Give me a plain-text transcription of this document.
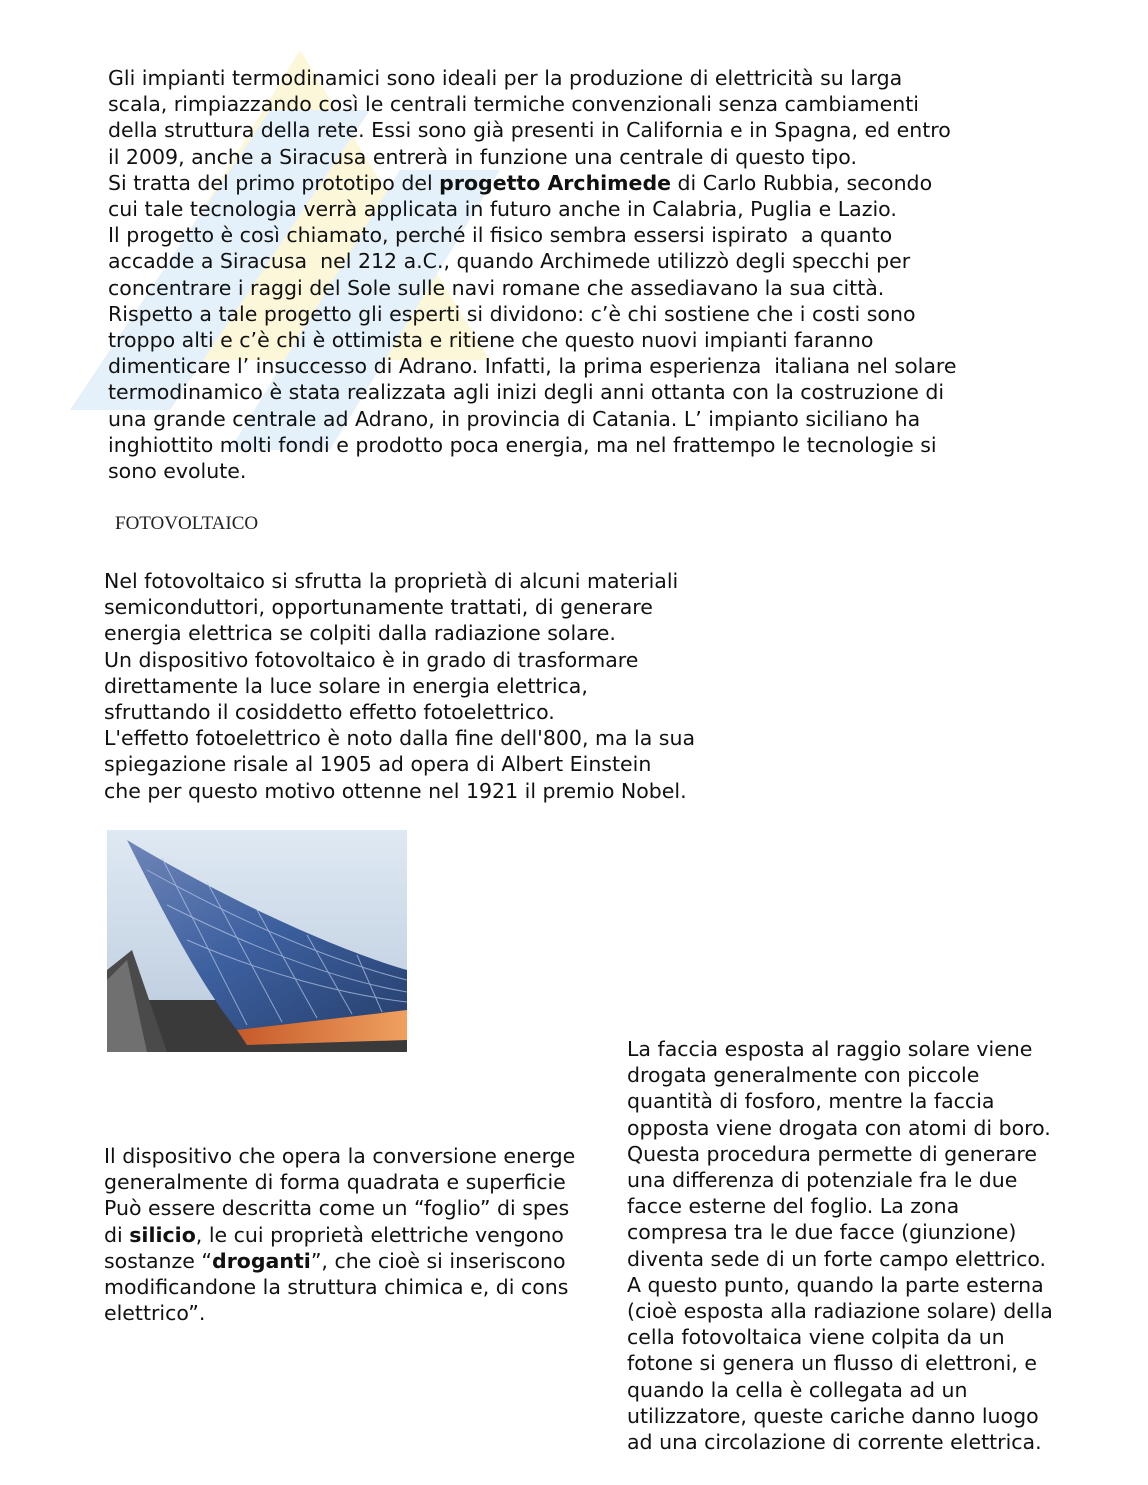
Gli impianti termodinamici sono ideali per la produzione di elettricità su larga
scala, rimpiazzando così le centrali termiche convenzionali senza cambiamenti
della struttura della rete. Essi sono già presenti in California e in Spagna, ed entro
il 2009, anche a Siracusa entrerà in funzione una centrale di questo tipo.
Si tratta del primo prototipo del progetto Archimede di Carlo Rubbia, secondo
cui tale tecnologia verrà applicata in futuro anche in Calabria, Puglia e Lazio.
Il progetto è così chiamato, perché il fisico sembra essersi ispirato  a quanto
accadde a Siracusa  nel 212 a.C., quando Archimede utilizzò degli specchi per
concentrare i raggi del Sole sulle navi romane che assediavano la sua città.
Rispetto a tale progetto gli esperti si dividono: c’è chi sostiene che i costi sono
troppo alti e c’è chi è ottimista e ritiene che questo nuovi impianti faranno
dimenticare l’ insuccesso di Adrano. Infatti, la prima esperienza  italiana nel solare
termodinamico è stata realizzata agli inizi degli anni ottanta con la costruzione di
una grande centrale ad Adrano, in provincia di Catania. L’ impianto siciliano ha
inghiottito molti fondi e prodotto poca energia, ma nel frattempo le tecnologie si
sono evolute.
FOTOVOLTAICO
Nel fotovoltaico si sfrutta la proprietà di alcuni materiali
semiconduttori, opportunamente trattati, di generare
energia elettrica se colpiti dalla radiazione solare.
Un dispositivo fotovoltaico è in grado di trasformare
direttamente la luce solare in energia elettrica,
sfruttando il cosiddetto effetto fotoelettrico.
L'effetto fotoelettrico è noto dalla fine dell'800, ma la sua
spiegazione risale al 1905 ad opera di Albert Einstein
che per questo motivo ottenne nel 1921 il premio Nobel.
Il dispositivo che opera la conversione energe
generalmente di forma quadrata e superficie
Può essere descritta come un “foglio” di spes
di silicio, le cui proprietà elettriche vengono
sostanze “droganti”, che cioè si inseriscono
modificandone la struttura chimica e, di cons
elettrico”.
La faccia esposta al raggio solare viene
drogata generalmente con piccole
quantità di fosforo, mentre la faccia
opposta viene drogata con atomi di boro.
Questa procedura permette di generare
una differenza di potenziale fra le due
facce esterne del foglio. La zona
compresa tra le due facce (giunzione)
diventa sede di un forte campo elettrico.
A questo punto, quando la parte esterna
(cioè esposta alla radiazione solare) della
cella fotovoltaica viene colpita da un
fotone si genera un flusso di elettroni, e
quando la cella è collegata ad un
utilizzatore, queste cariche danno luogo
ad una circolazione di corrente elettrica.
